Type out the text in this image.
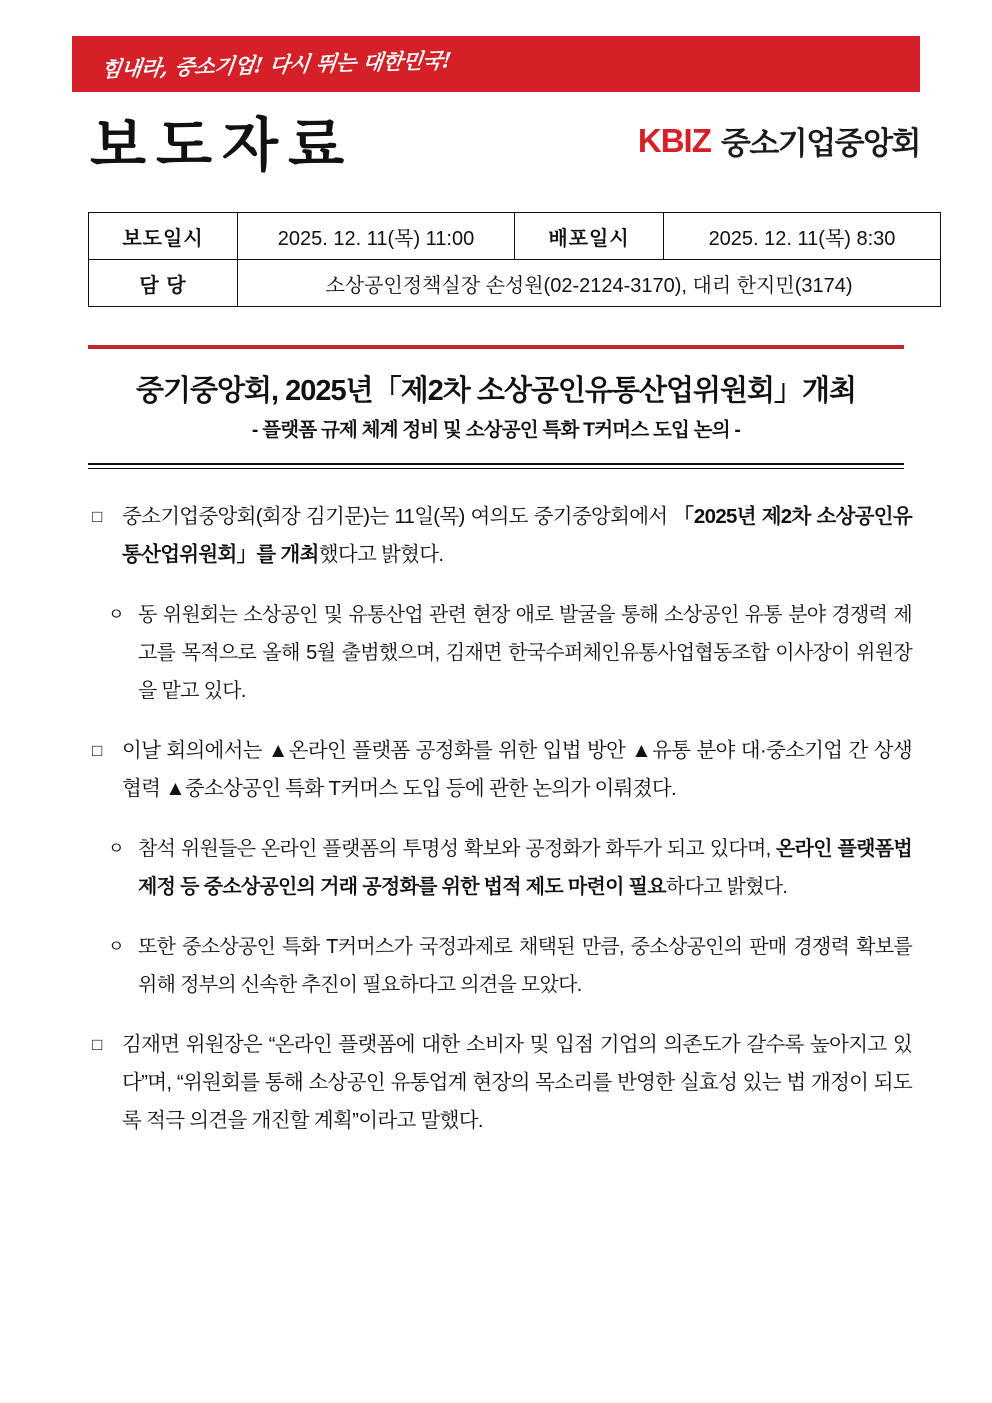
힘내라, 중소기업! 다시 뛰는 대한민국!
보도자료	KBIZ 중소기업중앙회
보도일시	2025. 12. 11(목) 11:00	배포일시	2025. 12. 11(목) 8:30
담 당	소상공인정책실장 손성원(02-2124-3170), 대리 한지민(3174)		
중기중앙회, 2025년「제2차 소상공인유통산업위원회」개최
- 플랫폼 규제 체계 정비 및 소상공인 특화 T커머스 도입 논의 -
□ 중소기업중앙회(회장 김기문)는 11일(목) 여의도 중기중앙회에서 「2025년 제2차 소상공인유통산업위원회」를 개최했다고 밝혔다.
ㅇ 동 위원회는 소상공인 및 유통산업 관련 현장 애로 발굴을 통해 소상공인 유통 분야 경쟁력 제고를 목적으로 올해 5월 출범했으며, 김재면 한국수퍼체인유통사업협동조합 이사장이 위원장을 맡고 있다.
□ 이날 회의에서는 ▲온라인 플랫폼 공정화를 위한 입법 방안 ▲유통 분야 대·중소기업 간 상생협력 ▲중소상공인 특화 T커머스 도입 등에 관한 논의가 이뤄졌다.
ㅇ 참석 위원들은 온라인 플랫폼의 투명성 확보와 공정화가 화두가 되고 있다며, 온라인 플랫폼법 제정 등 중소상공인의 거래 공정화를 위한 법적 제도 마련이 필요하다고 밝혔다.
ㅇ 또한 중소상공인 특화 T커머스가 국정과제로 채택된 만큼, 중소상공인의 판매 경쟁력 확보를 위해 정부의 신속한 추진이 필요하다고 의견을 모았다.
□ 김재면 위원장은 “온라인 플랫폼에 대한 소비자 및 입점 기업의 의존도가 갈수록 높아지고 있다”며, “위원회를 통해 소상공인 유통업계 현장의 목소리를 반영한 실효성 있는 법 개정이 되도록 적극 의견을 개진할 계획”이라고 말했다.
